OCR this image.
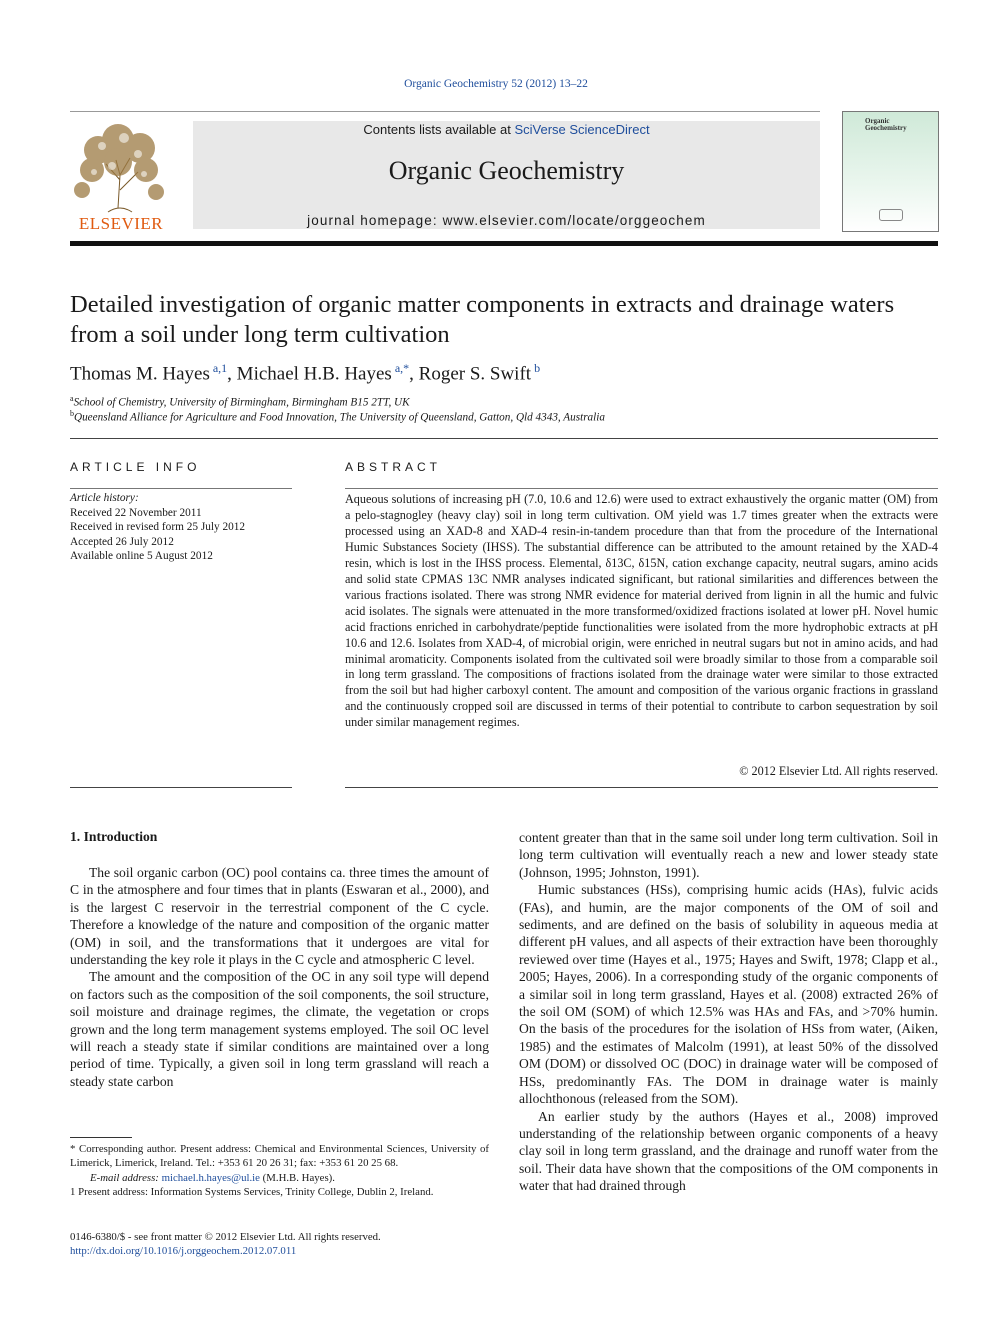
Organic Geochemistry 52 (2012) 13–22
ELSEVIER
Contents lists available at SciVerse ScienceDirect
Organic Geochemistry
journal homepage: www.elsevier.com/locate/orggeochem
Organic
Geochemistry
Detailed investigation of organic matter components in extracts and drainage waters from a soil under long term cultivation
Thomas M. Hayes $^{a,1}$, Michael H.B. Hayes $^{a,*}$, Roger S. Swift $^b$
$^a$School of Chemistry, University of Birmingham, Birmingham B15 2TT, UK
$^b$Queensland Alliance for Agriculture and Food Innovation, The University of Queensland, Gatton, Qld 4343, Australia
ARTICLE INFO
Article history:
Received 22 November 2011
Received in revised form 25 July 2012
Accepted 26 July 2012
Available online 5 August 2012
ABSTRACT
Aqueous solutions of increasing pH (7.0, 10.6 and 12.6) were used to extract exhaustively the organic matter (OM) from a pelo-stagnogley (heavy clay) soil in long term cultivation. OM yield was 1.7 times greater when the extracts were processed using an XAD-8 and XAD-4 resin-in-tandem procedure than that from the procedure of the International Humic Substances Society (IHSS). The substantial difference can be attributed to the amount retained by the XAD-4 resin, which is lost in the IHSS process. Elemental, δ13C, δ15N, cation exchange capacity, neutral sugars, amino acids and solid state CPMAS 13C NMR analyses indicated significant, but rational similarities and differences between the various fractions isolated. There was strong NMR evidence for material derived from lignin in all the humic and fulvic acid isolates. The signals were attenuated in the more transformed/oxidized fractions isolated at lower pH. Novel humic acid fractions enriched in carbohydrate/peptide functionalities were isolated from the more hydrophobic extracts at pH 10.6 and 12.6. Isolates from XAD-4, of microbial origin, were enriched in neutral sugars but not in amino acids, and had minimal aromaticity. Components isolated from the cultivated soil were broadly similar to those from a comparable soil in long term grassland. The compositions of fractions isolated from the drainage water were similar to those extracted from the soil but had higher carboxyl content. The amount and composition of the various organic fractions in grassland and the continuously cropped soil are discussed in terms of their potential to contribute to carbon sequestration by soil under similar management regimes.
© 2012 Elsevier Ltd. All rights reserved.
1. Introduction

The soil organic carbon (OC) pool contains ca. three times the amount of C in the atmosphere and four times that in plants (Eswaran et al., 2000), and is the largest C reservoir in the terrestrial component of the C cycle. Therefore a knowledge of the nature and composition of the organic matter (OM) in soil, and the transformations that it undergoes are vital for understanding the key role it plays in the C cycle and atmospheric C level.

The amount and the composition of the OC in any soil type will depend on factors such as the composition of the soil components, the soil structure, soil moisture and drainage regimes, the climate, the vegetation or crops grown and the long term management systems employed. The soil OC level will reach a steady state if similar conditions are maintained over a long period of time. Typically, a given soil in long term grassland will reach a steady state carbon

content greater than that in the same soil under long term cultivation. Soil in long term cultivation will eventually reach a new and lower steady state (Johnson, 1995; Johnston, 1991).

Humic substances (HSs), comprising humic acids (HAs), fulvic acids (FAs), and humin, are the major components of the OM of soil and sediments, and are defined on the basis of solubility in aqueous media at different pH values, and all aspects of their extraction have been thoroughly reviewed over time (Hayes et al., 1975; Hayes and Swift, 1978; Clapp et al., 2005; Hayes, 2006). In a corresponding study of the organic components of a similar soil in long term grassland, Hayes et al. (2008) extracted 26% of the soil OM (SOM) of which 12.5% was HAs and FAs, and >70% humin. On the basis of the procedures for the isolation of HSs from water, (Aiken, 1985) and the estimates of Malcolm (1991), at least 50% of the dissolved OM (DOM) or dissolved OC (DOC) in drainage water will be composed of HSs, predominantly FAs. The DOM in drainage water is mainly allochthonous (released from the SOM).

An earlier study by the authors (Hayes et al., 2008) improved understanding of the relationship between organic components of a heavy clay soil in long term grassland, and the drainage and runoff water from the soil. Their data have shown that the compositions of the OM components in water that had drained through

* Corresponding author. Present address: Chemical and Environmental Sciences, University of Limerick, Limerick, Ireland. Tel.: +353 61 20 26 31; fax: +353 61 20 25 68.

E-mail address: michael.h.hayes@ul.ie (M.H.B. Hayes).

1 Present address: Information Systems Services, Trinity College, Dublin 2, Ireland.

0146-6380/$ - see front matter © 2012 Elsevier Ltd. All rights reserved.
http://dx.doi.org/10.1016/j.orggeochem.2012.07.011
